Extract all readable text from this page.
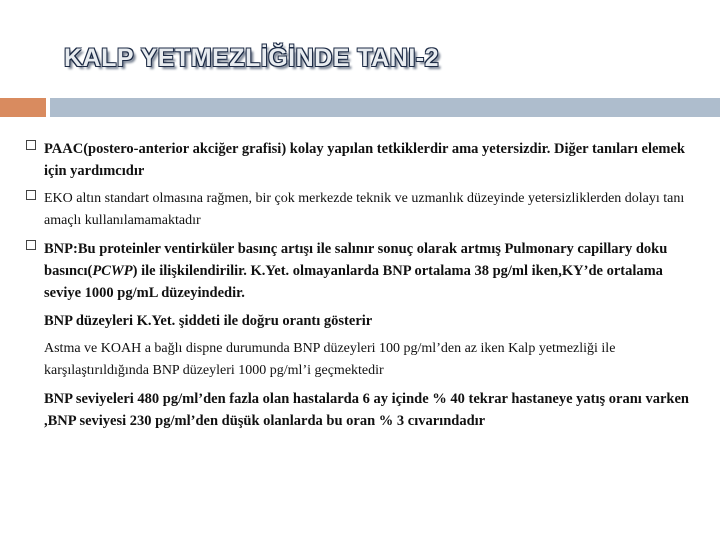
KALP YETMEZLİĞİNDE TANI-2
PAAC(postero-anterior akciğer grafisi) kolay yapılan tetkiklerdir ama yetersizdir. Diğer tanıları elemek için yardımcıdır
EKO altın standart olmasına rağmen, bir çok merkezde teknik ve uzmanlık düzeyinde yetersizliklerden dolayı tanı amaçlı kullanılamamaktadır
BNP:Bu proteinler ventirküler basınç artışı ile salınır sonuç olarak artmış Pulmonary capillary doku basıncı(PCWP) ile ilişkilendirilir. K.Yet. olmayanlarda BNP ortalama 38 pg/ml iken,KY’de ortalama seviye 1000 pg/mL düzeyindedir.
BNP düzeyleri K.Yet. şiddeti ile doğru orantı gösterir
Astma ve KOAH a bağlı dispne durumunda BNP düzeyleri 100 pg/ml’den az iken Kalp yetmezliği ile karşılaştırıldığında BNP düzeyleri 1000 pg/ml’i geçmektedir
BNP seviyeleri 480 pg/ml’den fazla olan hastalarda 6 ay içinde % 40 tekrar hastaneye yatış oranı varken ,BNP seviyesi 230 pg/ml’den düşük olanlarda bu oran % 3 cıvarındadır
